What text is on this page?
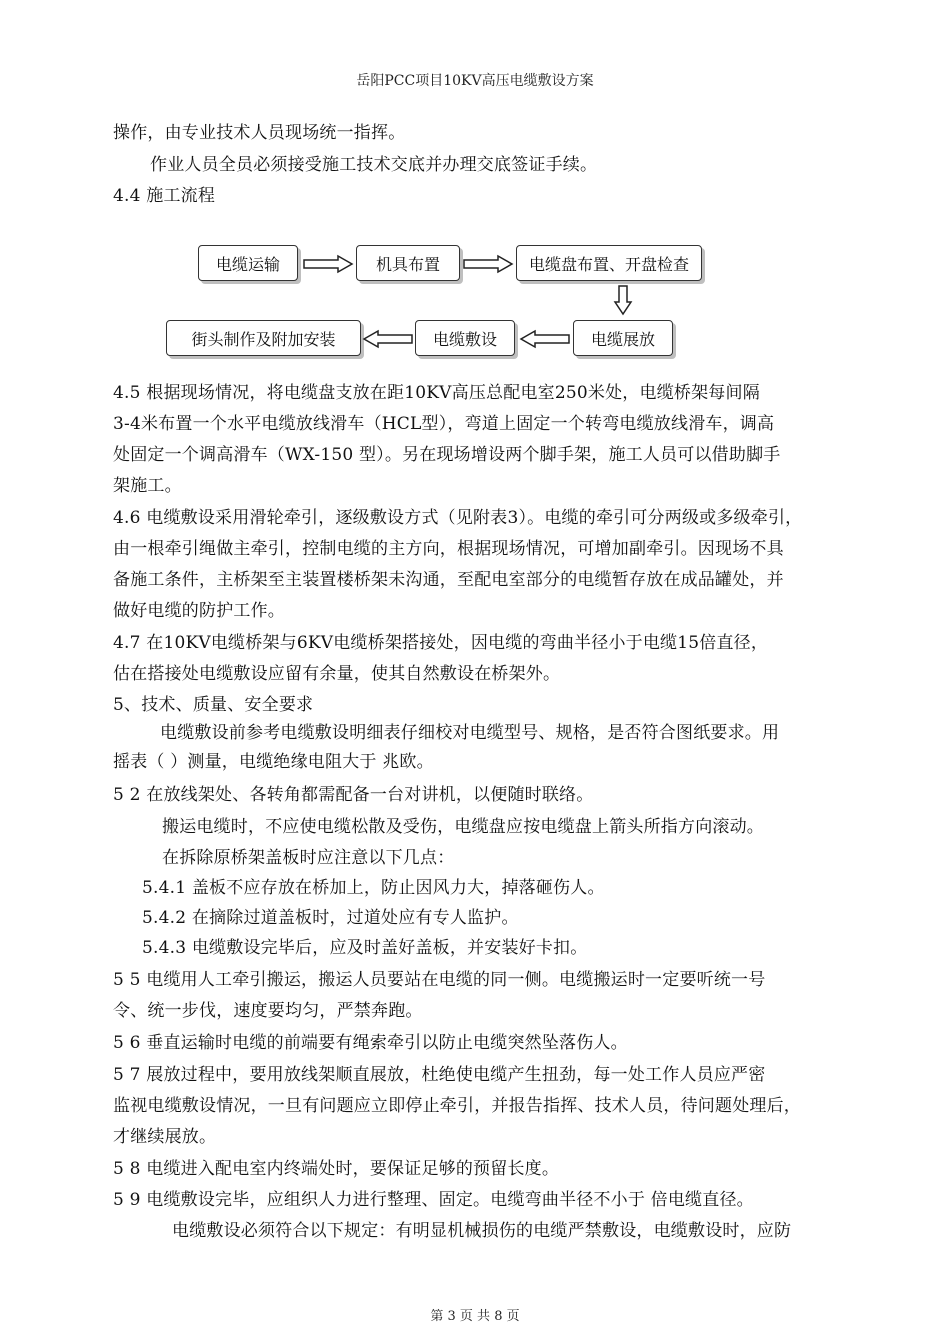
岳阳PCC项目10KV高压电缆敷设方案
操作，由专业技术人员现场统一指挥。
作业人员全员必须接受施工技术交底并办理交底签证手续。
4.4 施工流程
电缆运输	机具布置	电缆盘布置、开盘检查
电缆展放
电缆敷设
街头制作及附加安装
4.5 根据现场情况，将电缆盘支放在距10KV高压总配电室250米处，电缆桥架每间隔
3-4米布置一个水平电缆放线滑车（HCL型），弯道上固定一个转弯电缆放线滑车，调高
处固定一个调高滑车（WX-150 型）。另在现场增设两个脚手架，施工人员可以借助脚手
架施工。
4.6 电缆敷设采用滑轮牵引，逐级敷设方式（见附表3）。电缆的牵引可分两级或多级牵引，
由一根牵引绳做主牵引，控制电缆的主方向，根据现场情况，可增加副牵引。因现场不具
备施工条件，主桥架至主装置楼桥架未沟通，至配电室部分的电缆暂存放在成品罐处，并
做好电缆的防护工作。
4.7 在10KV电缆桥架与6KV电缆桥架搭接处，因电缆的弯曲半径小于电缆15倍直径，
估在搭接处电缆敷设应留有余量，使其自然敷设在桥架外。
5、技术、质量、安全要求
电缆敷设前参考电缆敷设明细表仔细校对电缆型号、规格，是否符合图纸要求。用
摇表（ ）测量，电缆绝缘电阻大于 兆欧。
5 2 在放线架处、各转角都需配备一台对讲机，以便随时联络。
搬运电缆时，不应使电缆松散及受伤，电缆盘应按电缆盘上箭头所指方向滚动。
在拆除原桥架盖板时应注意以下几点：
5.4.1 盖板不应存放在桥加上，防止因风力大，掉落砸伤人。
5.4.2 在摘除过道盖板时，过道处应有专人监护。
5.4.3 电缆敷设完毕后，应及时盖好盖板，并安装好卡扣。
5 5 电缆用人工牵引搬运，搬运人员要站在电缆的同一侧。电缆搬运时一定要听统一号
令、统一步伐，速度要均匀，严禁奔跑。
5 6 垂直运输时电缆的前端要有绳索牵引以防止电缆突然坠落伤人。
5 7 展放过程中，要用放线架顺直展放，杜绝使电缆产生扭劲，每一处工作人员应严密
监视电缆敷设情况，一旦有问题应立即停止牵引，并报告指挥、技术人员，待问题处理后，
才继续展放。
5 8 电缆进入配电室内终端处时，要保证足够的预留长度。
5 9 电缆敷设完毕，应组织人力进行整理、固定。电缆弯曲半径不小于 倍电缆直径。
电缆敷设必须符合以下规定：有明显机械损伤的电缆严禁敷设，电缆敷设时，应防
第 3 页 共 8 页
